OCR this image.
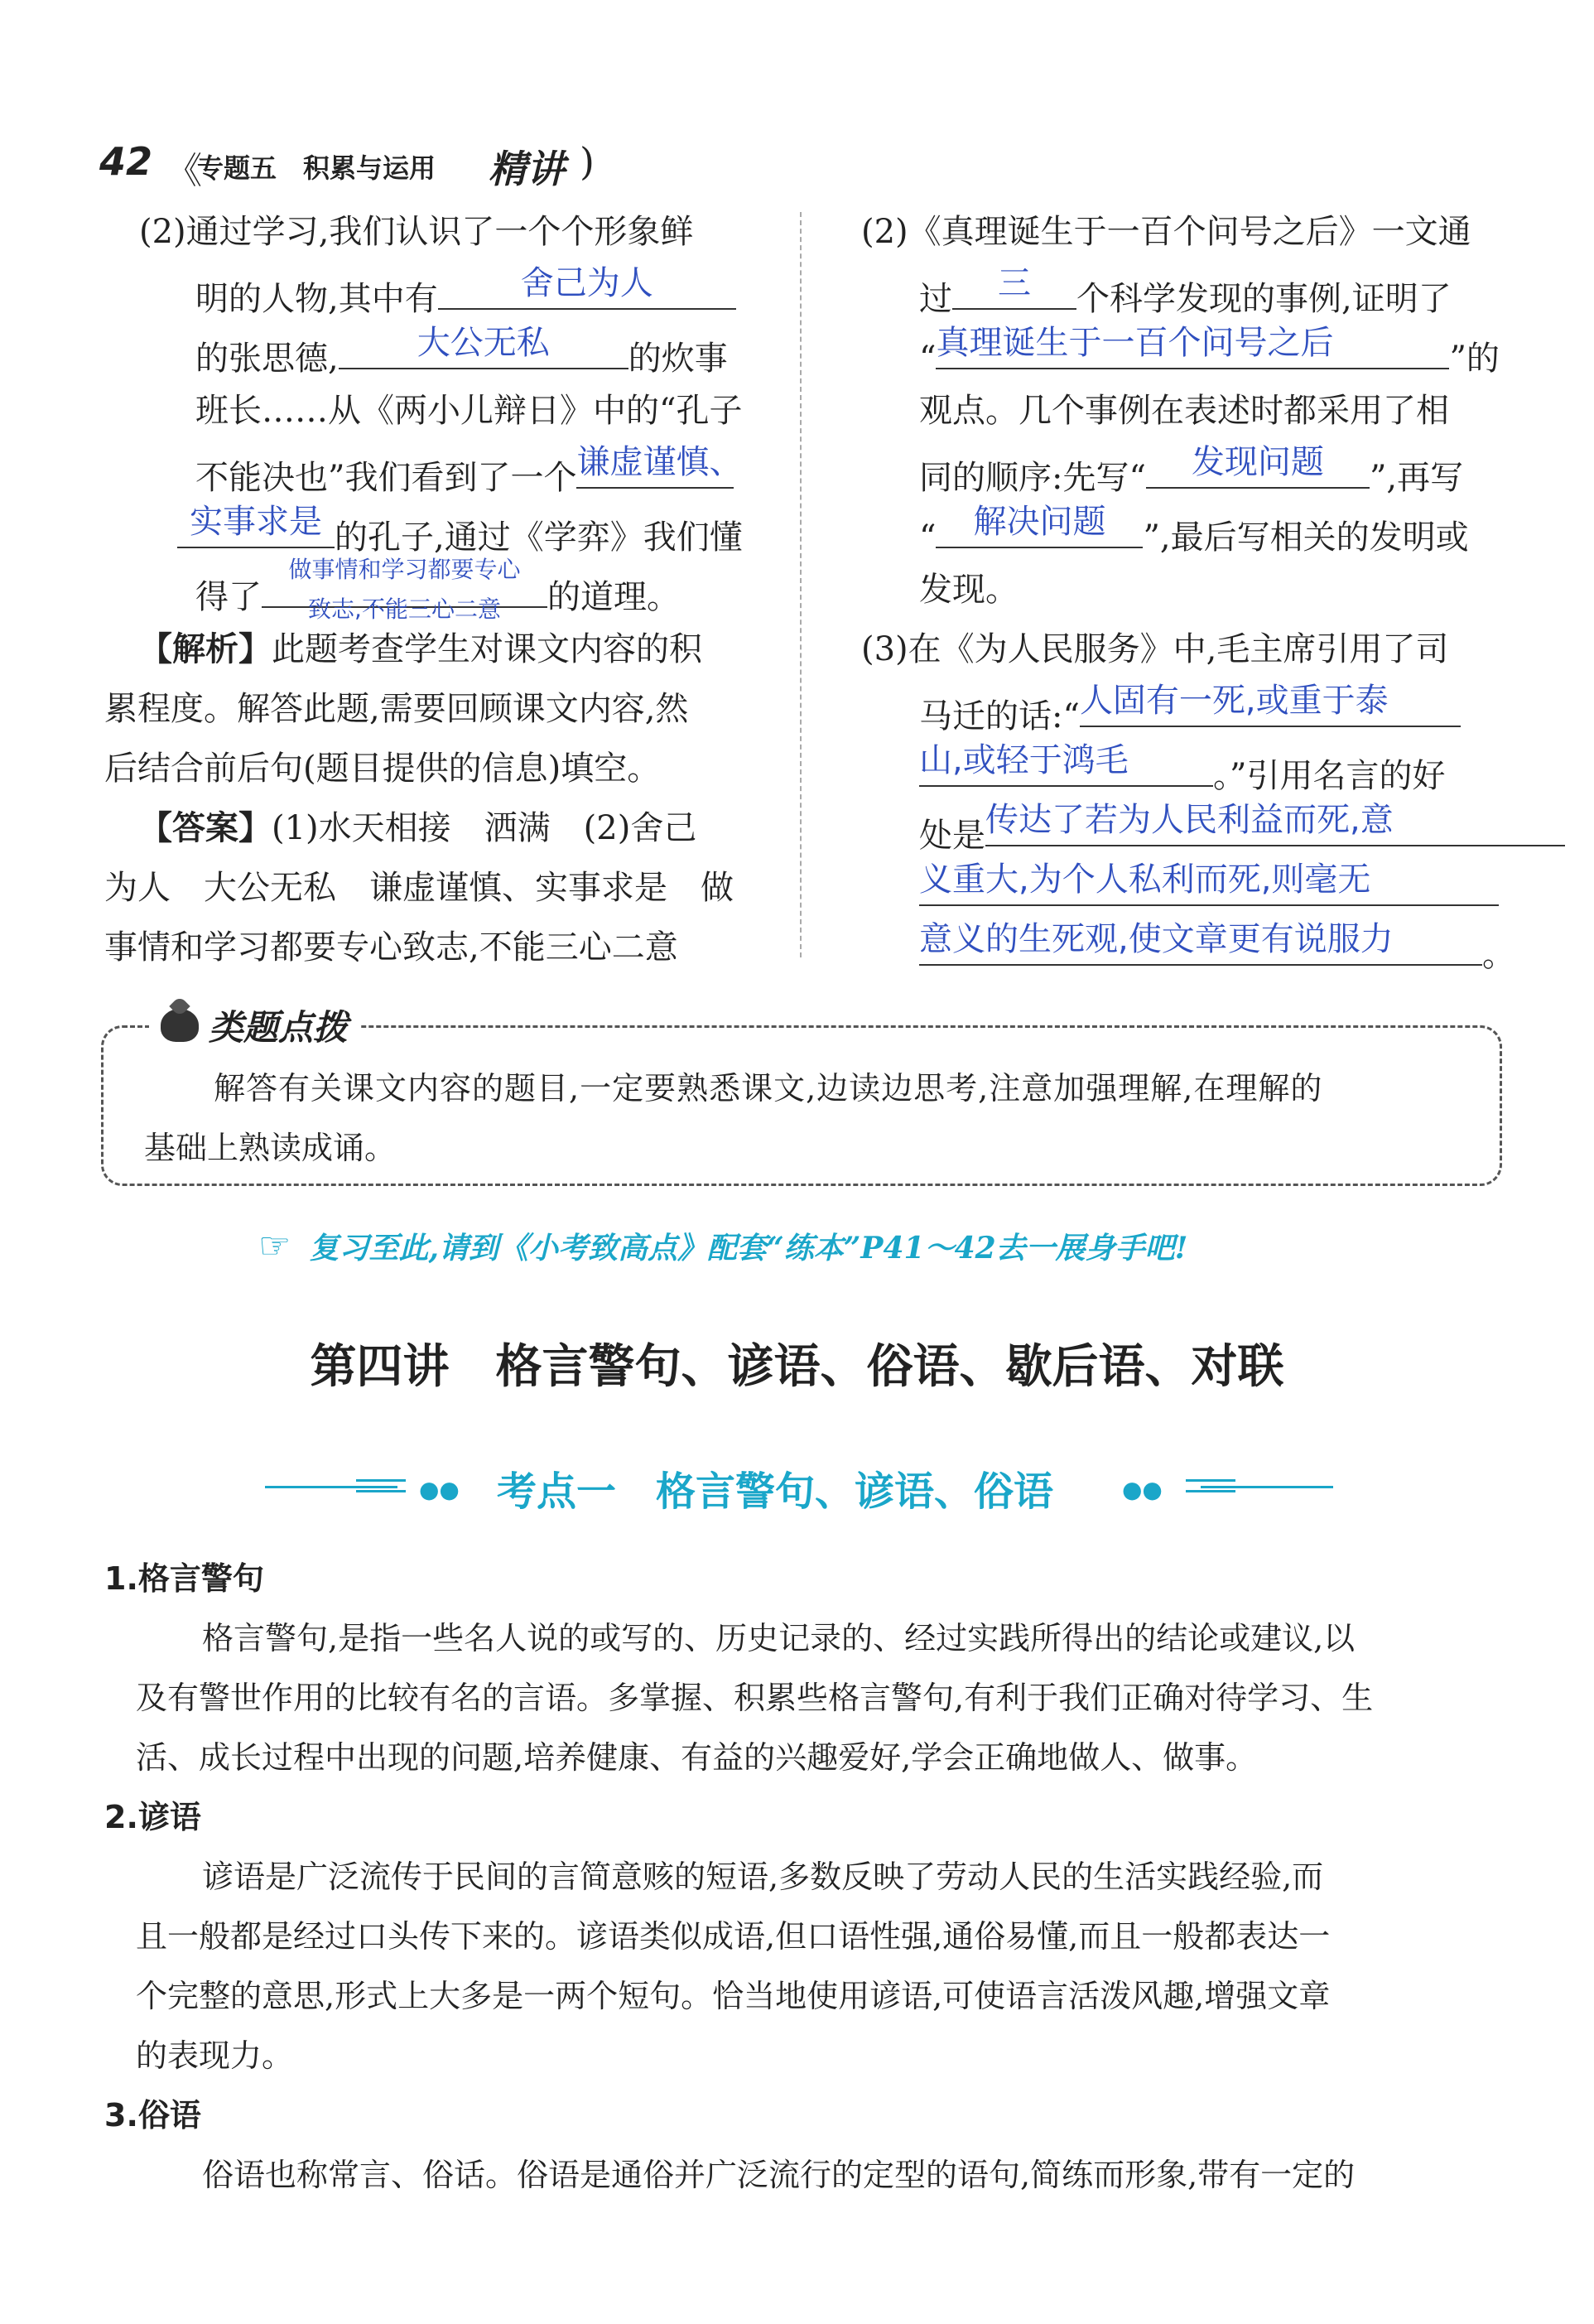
42 《
专题五　积累与运用 精讲 )
(2)通过学习,我们认识了一个个形象鲜
明的人物,其中有	舍己为人
的张思德,	大公无私	的炊事
班长……从《两小儿辩日》中的“孔子
不能决也”我们看到了一个 谦虚谨慎、
实事求是 的孔子,通过《学弈》我们懂
得了
做事情和学习都要专心
致志,不能三心二意	的道理。
【解析】此题考查学生对课文内容的积
累程度。解答此题,需要回顾课文内容,然
后结合前后句(题目提供的信息)填空。
【答案】(1)水天相接　洒满　(2)舍己
为人　大公无私　谦虚谨慎、实事求是　做
事情和学习都要专心致志,不能三心二意
(2)《真理诞生于一百个问号之后》一文通
过	三	个科学发现的事例,证明了
“ 真理诞生于一百个问号之后	”的
观点。几个事例在表述时都采用了相
同的顺序:先写“	发现问题	”,再写
“	解决问题	”,最后写相关的发明或
发现。
(3)在《为人民服务》中,毛主席引用了司
马迁的话:“ 人固有一死,或重于泰
山,或轻于鸿毛	。”引用名言的好
处是 传达了若为人民利益而死,意
义重大,为个人私利而死,则毫无
意义的生死观,使文章更有说服力	。
类题点拨
解答有关课文内容的题目,一定要熟悉课文,边读边思考,注意加强理解,在理解的
基础上熟读成诵。
☞ 复习至此,请到《小考致高点》配套“练本”P41～42去一展身手吧!
第四讲　格言警句、谚语、俗语、歇后语、对联
●● 考点一　格言警句、谚语、俗语	●●
1.格言警句
格言警句,是指一些名人说的或写的、历史记录的、经过实践所得出的结论或建议,以
及有警世作用的比较有名的言语。多掌握、积累些格言警句,有利于我们正确对待学习、生
活、成长过程中出现的问题,培养健康、有益的兴趣爱好,学会正确地做人、做事。
2.谚语
谚语是广泛流传于民间的言简意赅的短语,多数反映了劳动人民的生活实践经验,而
且一般都是经过口头传下来的。谚语类似成语,但口语性强,通俗易懂,而且一般都表达一
个完整的意思,形式上大多是一两个短句。恰当地使用谚语,可使语言活泼风趣,增强文章
的表现力。
3.俗语
俗语也称常言、俗话。俗语是通俗并广泛流行的定型的语句,简练而形象,带有一定的
